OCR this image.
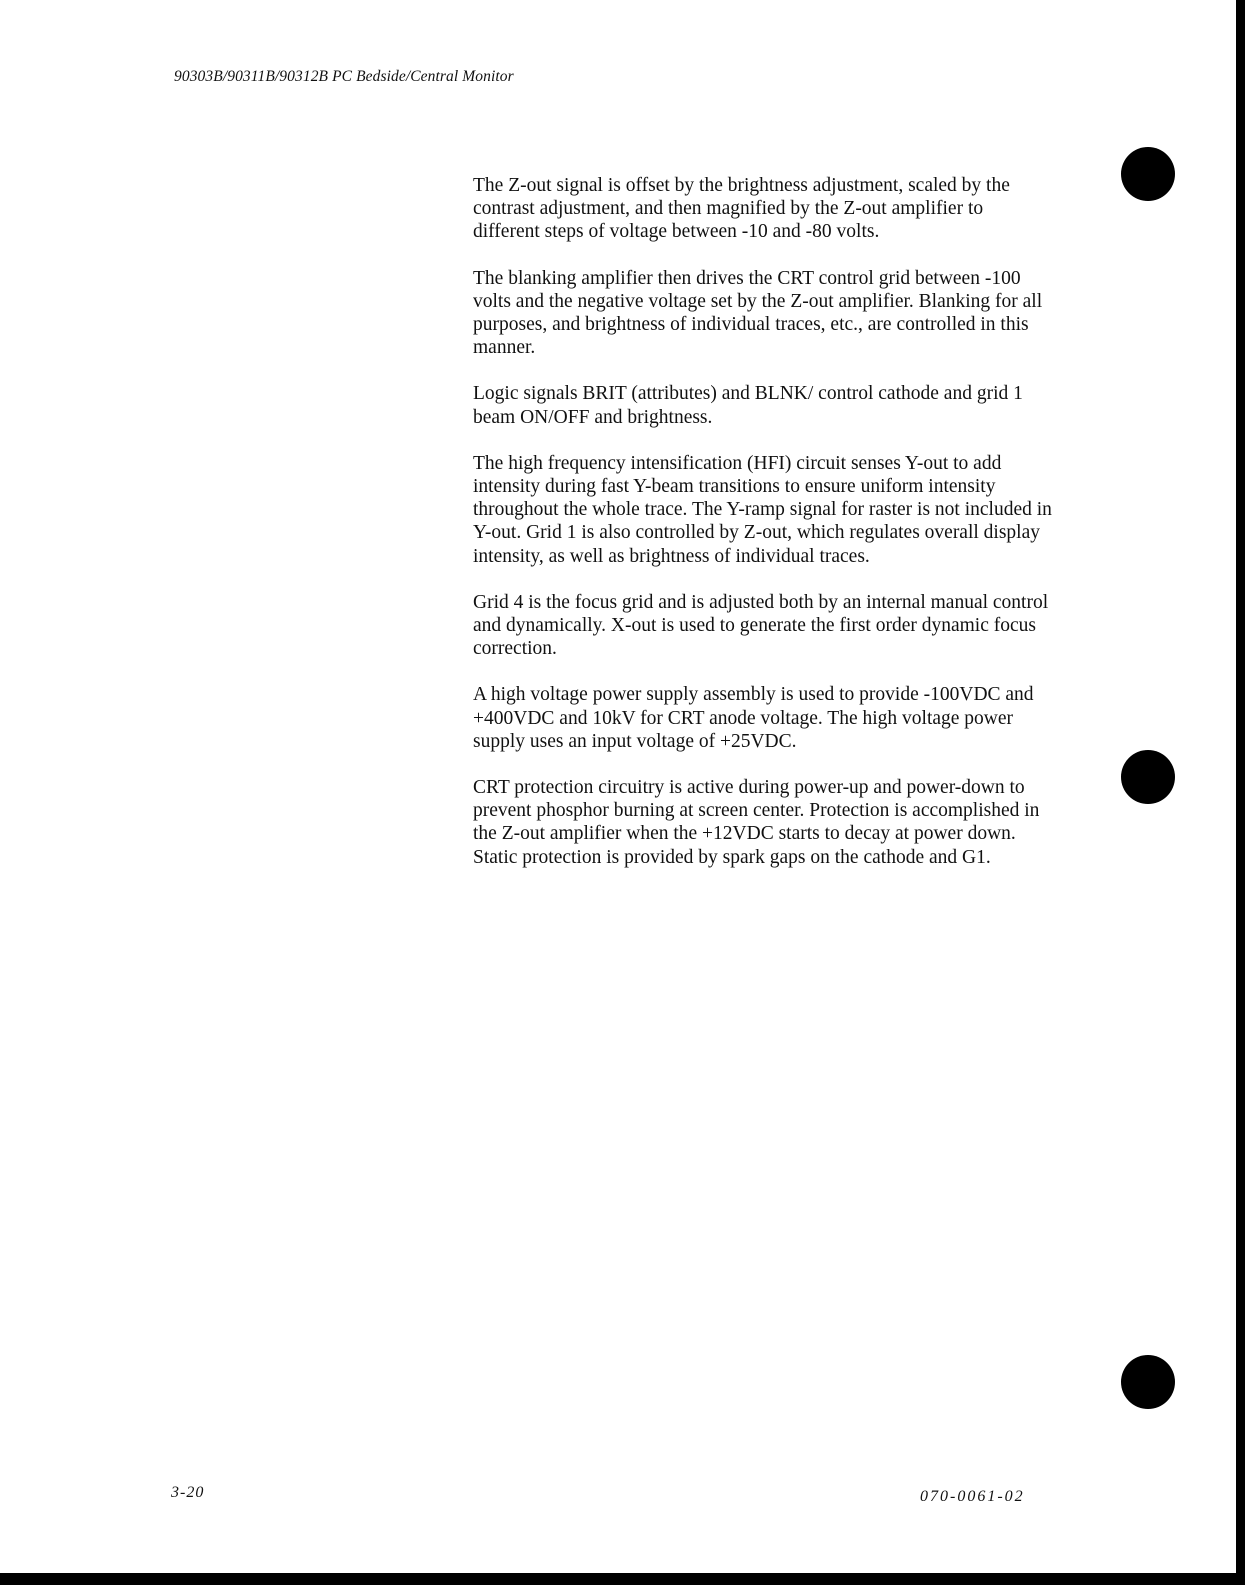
90303B/90311B/90312B PC Bedside/Central Monitor

The Z-out signal is offset by the brightness adjustment, scaled by the contrast adjustment, and then magnified by the Z-out amplifier to different steps of voltage between -10 and -80 volts.

The blanking amplifier then drives the CRT control grid between -100 volts and the negative voltage set by the Z-out amplifier. Blanking for all purposes, and brightness of individual traces, etc., are controlled in this manner.

Logic signals BRIT (attributes) and BLNK/ control cathode and grid 1 beam ON/OFF and brightness.

The high frequency intensification (HFI) circuit senses Y-out to add intensity during fast Y-beam transitions to ensure uniform intensity throughout the whole trace. The Y-ramp signal for raster is not included in Y-out. Grid 1 is also controlled by Z-out, which regulates overall display intensity, as well as brightness of individual traces.

Grid 4 is the focus grid and is adjusted both by an internal manual control and dynamically. X-out is used to generate the first order dynamic focus correction.

A high voltage power supply assembly is used to provide -100VDC and +400VDC and 10kV for CRT anode voltage. The high voltage power supply uses an input voltage of +25VDC.

CRT protection circuitry is active during power-up and power-down to prevent phosphor burning at screen center. Protection is accomplished in the Z-out amplifier when the +12VDC starts to decay at power down. Static protection is provided by spark gaps on the cathode and G1.

3-20	070-0061-02
